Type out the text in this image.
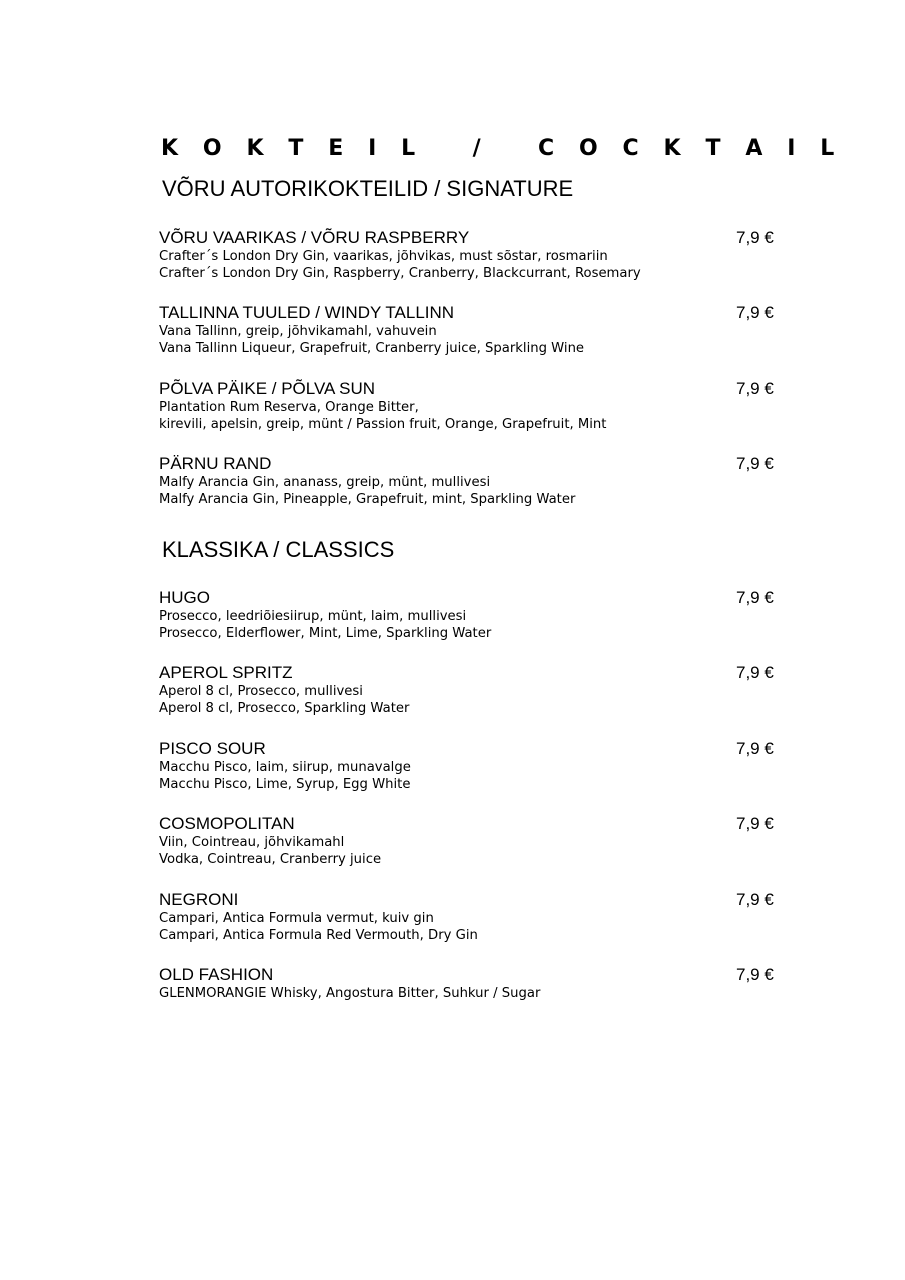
K O K T E I L   /   C O C K T A I L
VÕRU AUTORIKOKTEILID / SIGNATURE
VÕRU VAARIKAS / VÕRU RASPBERRY	7,9 €
Crafter´s London Dry Gin, vaarikas, jõhvikas, must sõstar, rosmariin
Crafter´s London Dry Gin, Raspberry, Cranberry, Blackcurrant, Rosemary
TALLINNA TUULED / WINDY TALLINN	7,9 €
Vana Tallinn, greip, jõhvikamahl, vahuvein
Vana Tallinn Liqueur, Grapefruit, Cranberry juice, Sparkling Wine
PÕLVA PÄIKE / PÕLVA SUN	7,9 €
Plantation Rum Reserva, Orange Bitter,
kirevili, apelsin, greip, münt / Passion fruit, Orange, Grapefruit, Mint
PÄRNU RAND	7,9 €
Malfy Arancia Gin, ananass, greip, münt, mullivesi
Malfy Arancia Gin, Pineapple, Grapefruit, mint, Sparkling Water
KLASSIKA / CLASSICS
HUGO	7,9 €
Prosecco, leedriõiesiirup, münt, laim, mullivesi
Prosecco, Elderflower, Mint, Lime, Sparkling Water
APEROL SPRITZ	7,9 €
Aperol 8 cl, Prosecco, mullivesi
Aperol 8 cl, Prosecco, Sparkling Water
PISCO SOUR	7,9 €
Macchu Pisco, laim, siirup, munavalge
Macchu Pisco, Lime, Syrup, Egg White
COSMOPOLITAN	7,9 €
Viin, Cointreau, jõhvikamahl
Vodka, Cointreau, Cranberry juice
NEGRONI	7,9 €
Campari, Antica Formula vermut, kuiv gin
Campari, Antica Formula Red Vermouth, Dry Gin
OLD FASHION	7,9 €
GLENMORANGIE Whisky, Angostura Bitter, Suhkur / Sugar
